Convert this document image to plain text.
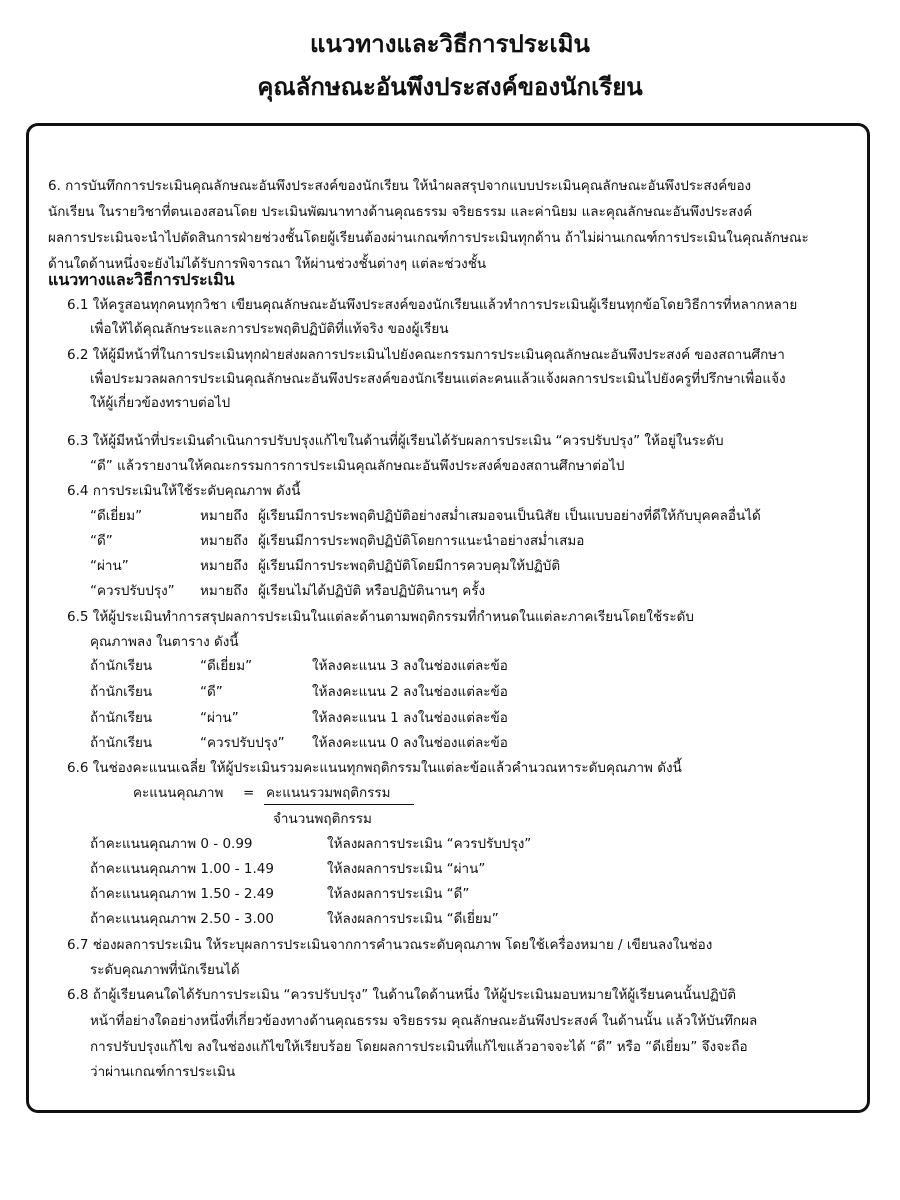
แนวทางและวิธีการประเมิน
คุณลักษณะอันพึงประสงค์ของนักเรียน
6. การบันทึกการประเมินคุณลักษณะอันพึงประสงค์ของนักเรียน ให้นำผลสรุปจากแบบประเมินคุณลักษณะอันพึงประสงค์ของ
นักเรียน ในรายวิชาที่ตนเองสอนโดย ประเมินพัฒนาทางด้านคุณธรรม จริยธรรม และค่านิยม และคุณลักษณะอันพึงประสงค์
ผลการประเมินจะนำไปตัดสินการฝ่ายช่วงชั้นโดยผู้เรียนต้องผ่านเกณฑ์การประเมินทุกด้าน ถ้าไม่ผ่านเกณฑ์การประเมินในคุณลักษณะ
ด้านใดด้านหนึ่งจะยังไม่ได้รับการพิจารณา ให้ผ่านช่วงชั้นต่างๆ แต่ละช่วงชั้น
แนวทางและวิธีการประเมิน
6.1 ให้ครูสอนทุกคนทุกวิชา เขียนคุณลักษณะอันพึงประสงค์ของนักเรียนแล้วทำการประเมินผู้เรียนทุกข้อโดยวิธีการที่หลากหลาย
เพื่อให้ได้คุณลักษระและการประพฤติปฏิบัติที่แท้จริง ของผู้เรียน
6.2 ให้ผู้มีหน้าที่ในการประเมินทุกฝ่ายส่งผลการประเมินไปยังคณะกรรมการประเมินคุณลักษณะอันพึงประสงค์ ของสถานศึกษา
เพื่อประมวลผลการประเมินคุณลักษณะอันพึงประสงค์ของนักเรียนแต่ละคนแล้วแจ้งผลการประเมินไปยังครูที่ปรึกษาเพื่อแจ้ง
ให้ผู้เกี่ยวข้องทราบต่อไป
6.3 ให้ผู้มีหน้าที่ประเมินดำเนินการปรับปรุงแก้ไขในด้านที่ผู้เรียนได้รับผลการประเมิน “ควรปรับปรุง” ให้อยู่ในระดับ
“ดี” แล้วรายงานให้คณะกรรมการการประเมินคุณลักษณะอันพึงประสงค์ของสถานศึกษาต่อไป
6.4 การประเมินให้ใช้ระดับคุณภาพ ดังนี้
“ดีเยี่ยม”	หมายถึง ผู้เรียนมีการประพฤติปฏิบัติอย่างสม่ำเสมอจนเป็นนิสัย เป็นแบบอย่างที่ดีให้กับบุคคลอื่นได้
“ดี”	หมายถึง ผู้เรียนมีการประพฤติปฏิบัติโดยการแนะนำอย่างสม่ำเสมอ
“ผ่าน”	หมายถึง ผู้เรียนมีการประพฤติปฏิบัติโดยมีการควบคุมให้ปฏิบัติ
“ควรปรับปรุง” หมายถึง ผู้เรียนไม่ได้ปฏิบัติ หรือปฏิบัตินานๆ ครั้ง
6.5 ให้ผู้ประเมินทำการสรุปผลการประเมินในแต่ละด้านตามพฤติกรรมที่กำหนดในแต่ละภาคเรียนโดยใช้ระดับ
คุณภาพลง ในตาราง ดังนี้
ถ้านักเรียน	“ดีเยี่ยม”	ให้ลงคะแนน 3 ลงในช่องแต่ละข้อ
ถ้านักเรียน	“ดี”	ให้ลงคะแนน 2 ลงในช่องแต่ละข้อ
ถ้านักเรียน	“ผ่าน”	ให้ลงคะแนน 1 ลงในช่องแต่ละข้อ
ถ้านักเรียน	“ควรปรับปรุง” ให้ลงคะแนน 0 ลงในช่องแต่ละข้อ
6.6 ในช่องคะแนนเฉลี่ย ให้ผู้ประเมินรวมคะแนนทุกพฤติกรรมในแต่ละข้อแล้วคำนวณหาระดับคุณภาพ ดังนี้
คะแนนคุณภาพ = คะแนนรวมพฤติกรรม
จำนวนพฤติกรรม
ถ้าคะแนนคุณภาพ 0 - 0.99	ให้ลงผลการประเมิน “ควรปรับปรุง”
ถ้าคะแนนคุณภาพ 1.00 - 1.49	ให้ลงผลการประเมิน “ผ่าน”
ถ้าคะแนนคุณภาพ 1.50 - 2.49	ให้ลงผลการประเมิน “ดี”
ถ้าคะแนนคุณภาพ 2.50 - 3.00	ให้ลงผลการประเมิน “ดีเยี่ยม”
6.7 ช่องผลการประเมิน ให้ระบุผลการประเมินจากการคำนวณระดับคุณภาพ โดยใช้เครื่องหมาย / เขียนลงในช่อง
ระดับคุณภาพที่นักเรียนได้
6.8 ถ้าผู้เรียนคนใดได้รับการประเมิน “ควรปรับปรุง” ในด้านใดด้านหนึ่ง ให้ผู้ประเมินมอบหมายให้ผู้เรียนคนนั้นปฏิบัติ
หน้าที่อย่างใดอย่างหนึ่งที่เกี่ยวข้องทางด้านคุณธรรม จริยธรรม คุณลักษณะอันพึงประสงค์ ในด้านนั้น แล้วให้บันทึกผล
การปรับปรุงแก้ไข ลงในช่องแก้ไขให้เรียบร้อย โดยผลการประเมินที่แก้ไขแล้วอาจจะได้ “ดี” หรือ “ดีเยี่ยม” จึงจะถือ
ว่าผ่านเกณฑ์การประเมิน
